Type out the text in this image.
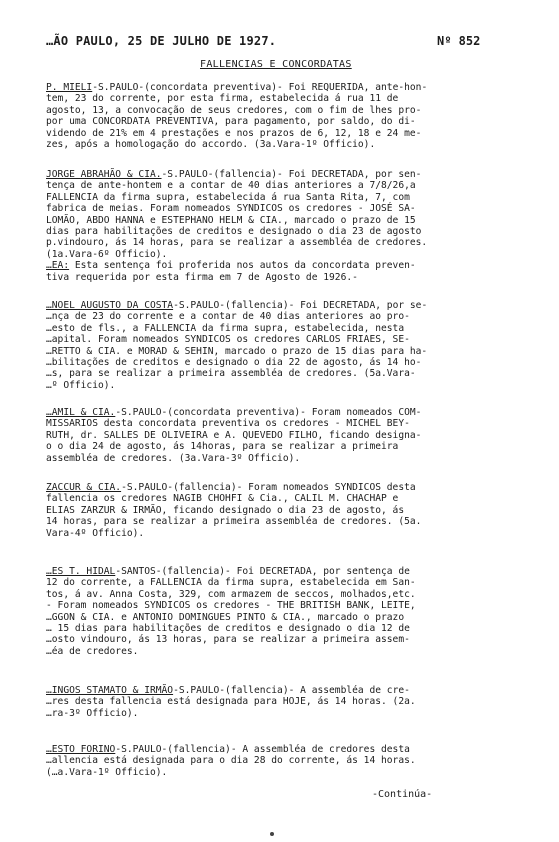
…ÃO PAULO, 25 DE JULHO DE 1927.	Nº 852
FALLENCIAS E CONCORDATAS
P. MIELI-S.PAULO-(concordata preventiva)- Foi REQUERIDA, ante-hon-
tem, 23 do corrente, por esta firma, estabelecida á rua 11 de
agosto, 13, a convocação de seus credores, com o fim de lhes pro-
por uma CONCORDATA PREVENTIVA, para pagamento, por saldo, do di-
videndo de 21% em 4 prestações e nos prazos de 6, 12, 18 e 24 me-
zes, após a homologação do accordo. (3a.Vara-1º Officio).
JORGE ABRAHÃO & CIA.-S.PAULO-(fallencia)- Foi DECRETADA, por sen-
tença de ante-hontem e a contar de 40 dias anteriores a 7/8/26,a
FALLENCIA da firma supra, estabelecida á rua Santa Rita, 7, com
fabrica de meias. Foram nomeados SYNDICOS os credores - JOSÉ SA-
LOMÃO, ABDO HANNA e ESTEPHANO HELM & CIA., marcado o prazo de 15
dias para habilitações de creditos e designado o dia 23 de agosto
p.vindouro, ás 14 horas, para se realizar a assembléa de credores.
(1a.Vara-6º Officio).
…EA: Esta sentença foi proferida nos autos da concordata preven-
tiva requerida por esta firma em 7 de Agosto de 1926.-
…NOEL AUGUSTO DA COSTA-S.PAULO-(fallencia)- Foi DECRETADA, por se-
…nça de 23 do corrente e a contar de 40 dias anteriores ao pro-
…esto de fls., a FALLENCIA da firma supra, estabelecida, nesta
…apital. Foram nomeados SYNDICOS os credores CARLOS FRIAES, SE-
…RETTO & CIA. e MORAD & SEHIN, marcado o prazo de 15 dias para ha-
…bilitações de creditos e designado o dia 22 de agosto, ás 14 ho-
…s, para se realizar a primeira assembléa de credores. (5a.Vara-
…º Officio).
…AMIL & CIA.-S.PAULO-(concordata preventiva)- Foram nomeados COM-
MISSARIOS desta concordata preventiva os credores - MICHEL BEY-
RUTH, dr. SALLES DE OLIVEIRA e A. QUEVEDO FILHO, ficando designa-
o o dia 24 de agosto, ás 14horas, para se realizar a primeira
assembléa de credores. (3a.Vara-3º Officio).
ZACCUR & CIA.-S.PAULO-(fallencia)- Foram nomeados SYNDICOS desta
fallencia os credores NAGIB CHOHFI & Cia., CALIL M. CHACHAP e
ELIAS ZARZUR & IRMÃO, ficando designado o dia 23 de agosto, ás
14 horas, para se realizar a primeira assembléa de credores. (5a.
Vara-4º Officio).
…ES T. HIDAL-SANTOS-(fallencia)- Foi DECRETADA, por sentença de
12 do corrente, a FALLENCIA da firma supra, estabelecida em San-
tos, á av. Anna Costa, 329, com armazem de seccos, molhados,etc.
- Foram nomeados SYNDICOS os credores - THE BRITISH BANK, LEITE,
…GGON & CIA. e ANTONIO DOMINGUES PINTO & CIA., marcado o prazo
… 15 dias para habilitações de creditos e designado o dia 12 de
…osto vindouro, ás 13 horas, para se realizar a primeira assem-
…éa de credores.
…INGOS STAMATO & IRMÃO-S.PAULO-(fallencia)- A assembléa de cre-
…res desta fallencia está designada para HOJE, ás 14 horas. (2a.
…ra-3º Officio).
…ESTO FORINO-S.PAULO-(fallencia)- A assembléa de credores desta
…allencia está designada para o dia 28 do corrente, ás 14 horas.
(…a.Vara-1º Officio).
-Continúa-
